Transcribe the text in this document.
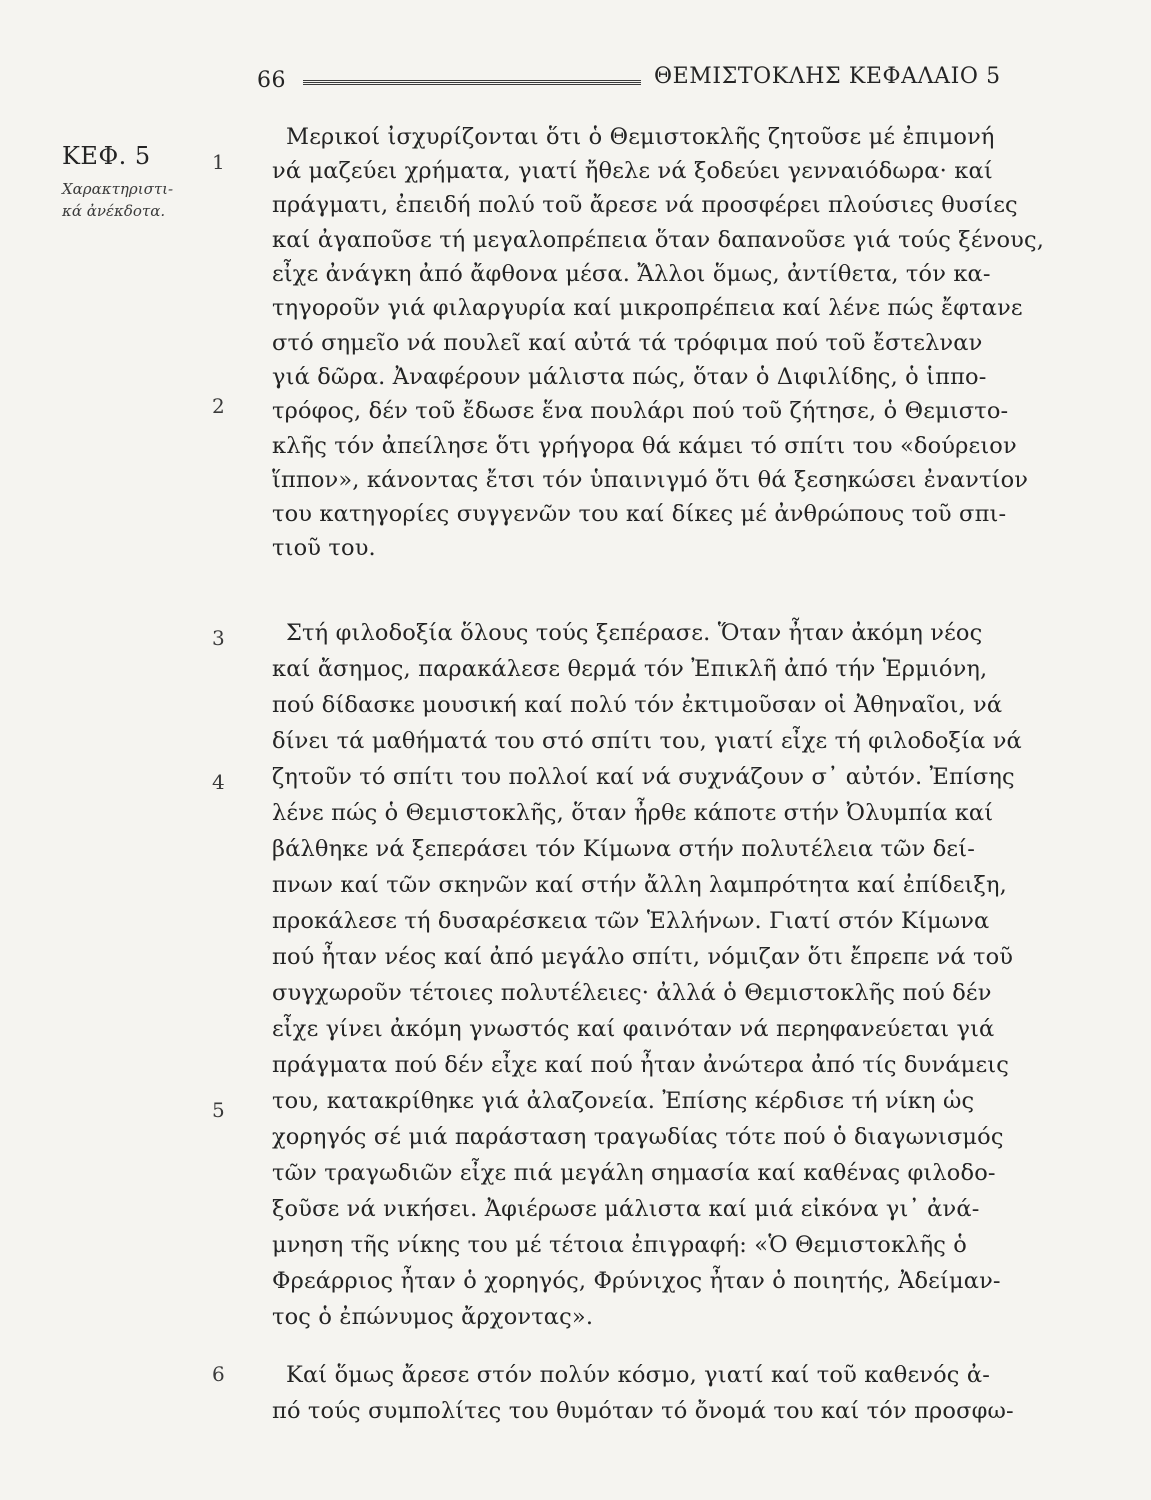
66	ΘΕΜΙΣΤΟΚΛΗΣ ΚΕΦΑΛΑΙΟ 5
ΚΕΦ. 5
Χαρακτηριστι-
κά ἀνέκδοτα.
1
2
3
4
5
6
Μερικοί ἰσχυρίζονται ὅτι ὁ Θεμιστοκλῆς ζητοῦσε μέ ἐπιμονή
νά μαζεύει χρήματα, γιατί ἤθελε νά ξοδεύει γενναιόδωρα· καί
πράγματι, ἐπειδή πολύ τοῦ ἄρεσε νά προσφέρει πλούσιες θυσίες
καί ἀγαποῦσε τή μεγαλοπρέπεια ὅταν δαπανοῦσε γιά τούς ξένους,
εἶχε ἀνάγκη ἀπό ἄφθονα μέσα. Ἄλλοι ὅμως, ἀντίθετα, τόν κα-
τηγοροῦν γιά φιλαργυρία καί μικροπρέπεια καί λένε πώς ἔφτανε
στό σημεῖο νά πουλεῖ καί αὐτά τά τρόφιμα πού τοῦ ἔστελναν
γιά δῶρα. Ἀναφέρουν μάλιστα πώς, ὅταν ὁ Διφιλίδης, ὁ ἱππο-
τρόφος, δέν τοῦ ἔδωσε ἕνα πουλάρι πού τοῦ ζήτησε, ὁ Θεμιστο-
κλῆς τόν ἀπείλησε ὅτι γρήγορα θά κάμει τό σπίτι του «δούρειον
ἵππον», κάνοντας ἔτσι τόν ὑπαινιγμό ὅτι θά ξεσηκώσει ἐναντίον
του κατηγορίες συγγενῶν του καί δίκες μέ ἀνθρώπους τοῦ σπι-
τιοῦ του.
Στή φιλοδοξία ὅλους τούς ξεπέρασε. Ὅταν ἦταν ἀκόμη νέος
καί ἄσημος, παρακάλεσε θερμά τόν Ἐπικλῆ ἀπό τήν Ἑρμιόνη,
πού δίδασκε μουσική καί πολύ τόν ἐκτιμοῦσαν οἱ Ἀθηναῖοι, νά
δίνει τά μαθήματά του στό σπίτι του, γιατί εἶχε τή φιλοδοξία νά
ζητοῦν τό σπίτι του πολλοί καί νά συχνάζουν σ᾽ αὐτόν. Ἐπίσης
λένε πώς ὁ Θεμιστοκλῆς, ὅταν ἦρθε κάποτε στήν Ὀλυμπία καί
βάλθηκε νά ξεπεράσει τόν Κίμωνα στήν πολυτέλεια τῶν δεί-
πνων καί τῶν σκηνῶν καί στήν ἄλλη λαμπρότητα καί ἐπίδειξη,
προκάλεσε τή δυσαρέσκεια τῶν Ἑλλήνων. Γιατί στόν Κίμωνα
πού ἦταν νέος καί ἀπό μεγάλο σπίτι, νόμιζαν ὅτι ἔπρεπε νά τοῦ
συγχωροῦν τέτοιες πολυτέλειες· ἀλλά ὁ Θεμιστοκλῆς πού δέν
εἶχε γίνει ἀκόμη γνωστός καί φαινόταν νά περηφανεύεται γιά
πράγματα πού δέν εἶχε καί πού ἦταν ἀνώτερα ἀπό τίς δυνάμεις
του, κατακρίθηκε γιά ἀλαζονεία. Ἐπίσης κέρδισε τή νίκη ὡς
χορηγός σέ μιά παράσταση τραγωδίας τότε πού ὁ διαγωνισμός
τῶν τραγωδιῶν εἶχε πιά μεγάλη σημασία καί καθένας φιλοδο-
ξοῦσε νά νικήσει. Ἀφιέρωσε μάλιστα καί μιά εἰκόνα γι᾽ ἀνά-
μνηση τῆς νίκης του μέ τέτοια ἐπιγραφή: «Ὁ Θεμιστοκλῆς ὁ
Φρεάρριος ἦταν ὁ χορηγός, Φρύνιχος ἦταν ὁ ποιητής, Ἀδείμαν-
τος ὁ ἐπώνυμος ἄρχοντας».
Καί ὅμως ἄρεσε στόν πολύν κόσμο, γιατί καί τοῦ καθενός ἀ-
πό τούς συμπολίτες του θυμόταν τό ὄνομά του καί τόν προσφω-
